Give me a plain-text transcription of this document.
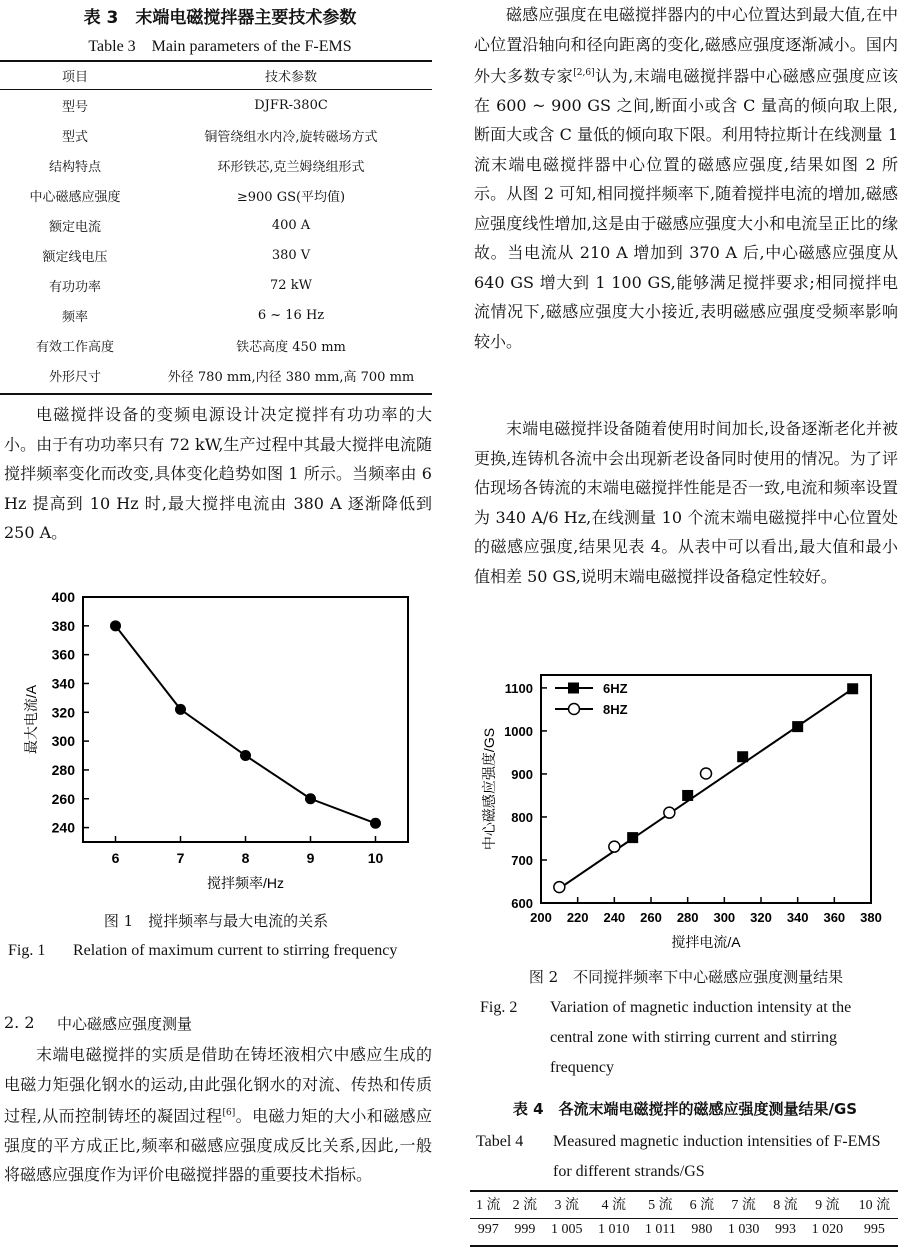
表 3　末端电磁搅拌器主要技术参数
Table 3　Main parameters of the F-EMS
项目	技术参数
型号	DJFR-380C
型式	铜管绕组水内冷,旋转磁场方式
结构特点	环形铁芯,克兰姆绕组形式
中心磁感应强度	≥900 GS(平均值)
额定电流	400 A
额定线电压	380 V
有功功率	72 kW
频率	6 ~ 16 Hz
有效工作高度	铁芯高度 450 mm
外形尺寸	外径 780 mm,内径 380 mm,高 700 mm
电磁搅拌设备的变频电源设计决定搅拌有功功率的大小。由于有功功率只有 72 kW,生产过程中其最大搅拌电流随搅拌频率变化而改变,具体变化趋势如图 1 所示。当频率由 6 Hz 提高到 10 Hz 时,最大搅拌电流由 380 A 逐渐降低到 250 A。
240
260
280
300
320
340
360
380
400
6	7	8	9	10
搅拌频率/Hz
最大电流/A
图 1　搅拌频率与最大电流的关系
Fig. 1 Relation of maximum current to stirring frequency
2. 2 中心磁感应强度测量
末端电磁搅拌的实质是借助在铸坯液相穴中感应生成的电磁力矩强化钢水的运动,由此强化钢水的对流、传热和传质过程,从而控制铸坯的凝固过程[6]。电磁力矩的大小和磁感应强度的平方成正比,频率和磁感应强度成反比关系,因此,一般将磁感应强度作为评价电磁搅拌器的重要技术指标。
磁感应强度在电磁搅拌器内的中心位置达到最大值,在中心位置沿轴向和径向距离的变化,磁感应强度逐渐减小。国内外大多数专家[2,6]认为,末端电磁搅拌器中心磁感应强度应该在 600 ~ 900 GS 之间,断面小或含 C 量高的倾向取上限,断面大或含 C 量低的倾向取下限。利用特拉斯计在线测量 1 流末端电磁搅拌器中心位置的磁感应强度,结果如图 2 所示。从图 2 可知,相同搅拌频率下,随着搅拌电流的增加,磁感应强度线性增加,这是由于磁感应强度大小和电流呈正比的缘故。当电流从 210 A 增加到 370 A 后,中心磁感应强度从 640 GS 增大到 1 100 GS,能够满足搅拌要求;相同搅拌电流情况下,磁感应强度大小接近,表明磁感应强度受频率影响较小。
末端电磁搅拌设备随着使用时间加长,设备逐渐老化并被更换,连铸机各流中会出现新老设备同时使用的情况。为了评估现场各铸流的末端电磁搅拌性能是否一致,电流和频率设置为 340 A/6 Hz,在线测量 10 个流末端电磁搅拌中心位置处的磁感应强度,结果见表 4。从表中可以看出,最大值和最小值相差 50 GS,说明末端电磁搅拌设备稳定性较好。
600
700
800
900
1000
1100
200 220 240 260 280 300 320 340 360 380
6HZ
8HZ
搅拌电流/A
中心磁感应强度/GS
图 2　不同搅拌频率下中心磁感应强度测量结果
Fig. 2 Variation of magnetic induction intensity at the central zone with stirring current and stirring frequency
表 4　各流末端电磁搅拌的磁感应强度测量结果/GS
Tabel 4 Measured magnetic induction intensities of F-EMS for different strands/GS
1 流	2 流	3 流	4 流	5 流	6 流	7 流	8 流	9 流	10 流
997	999	1 005	1 010	1 011	980	1 030	993	1 020	995
